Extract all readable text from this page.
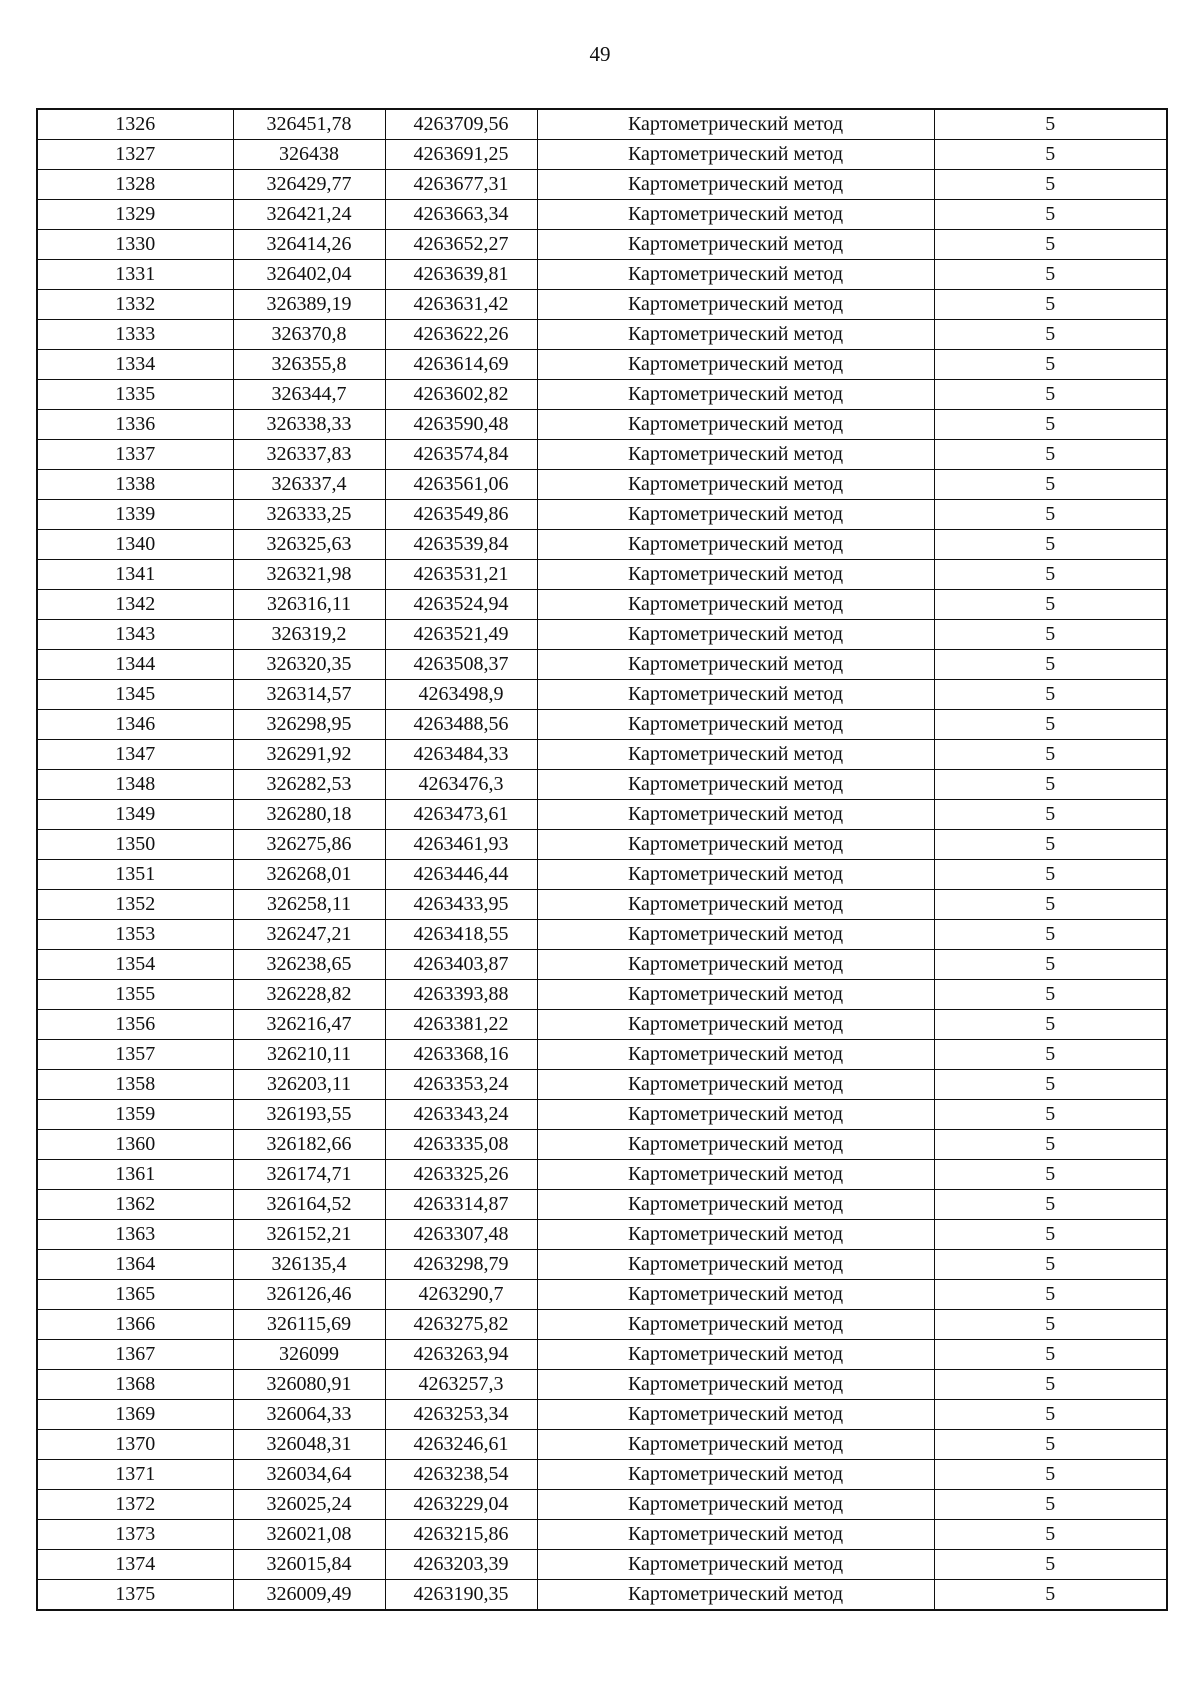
49
1326	326451,78	4263709,56	Картометрический метод	5
1327	326438	4263691,25	Картометрический метод	5
1328	326429,77	4263677,31	Картометрический метод	5
1329	326421,24	4263663,34	Картометрический метод	5
1330	326414,26	4263652,27	Картометрический метод	5
1331	326402,04	4263639,81	Картометрический метод	5
1332	326389,19	4263631,42	Картометрический метод	5
1333	326370,8	4263622,26	Картометрический метод	5
1334	326355,8	4263614,69	Картометрический метод	5
1335	326344,7	4263602,82	Картометрический метод	5
1336	326338,33	4263590,48	Картометрический метод	5
1337	326337,83	4263574,84	Картометрический метод	5
1338	326337,4	4263561,06	Картометрический метод	5
1339	326333,25	4263549,86	Картометрический метод	5
1340	326325,63	4263539,84	Картометрический метод	5
1341	326321,98	4263531,21	Картометрический метод	5
1342	326316,11	4263524,94	Картометрический метод	5
1343	326319,2	4263521,49	Картометрический метод	5
1344	326320,35	4263508,37	Картометрический метод	5
1345	326314,57	4263498,9	Картометрический метод	5
1346	326298,95	4263488,56	Картометрический метод	5
1347	326291,92	4263484,33	Картометрический метод	5
1348	326282,53	4263476,3	Картометрический метод	5
1349	326280,18	4263473,61	Картометрический метод	5
1350	326275,86	4263461,93	Картометрический метод	5
1351	326268,01	4263446,44	Картометрический метод	5
1352	326258,11	4263433,95	Картометрический метод	5
1353	326247,21	4263418,55	Картометрический метод	5
1354	326238,65	4263403,87	Картометрический метод	5
1355	326228,82	4263393,88	Картометрический метод	5
1356	326216,47	4263381,22	Картометрический метод	5
1357	326210,11	4263368,16	Картометрический метод	5
1358	326203,11	4263353,24	Картометрический метод	5
1359	326193,55	4263343,24	Картометрический метод	5
1360	326182,66	4263335,08	Картометрический метод	5
1361	326174,71	4263325,26	Картометрический метод	5
1362	326164,52	4263314,87	Картометрический метод	5
1363	326152,21	4263307,48	Картометрический метод	5
1364	326135,4	4263298,79	Картометрический метод	5
1365	326126,46	4263290,7	Картометрический метод	5
1366	326115,69	4263275,82	Картометрический метод	5
1367	326099	4263263,94	Картометрический метод	5
1368	326080,91	4263257,3	Картометрический метод	5
1369	326064,33	4263253,34	Картометрический метод	5
1370	326048,31	4263246,61	Картометрический метод	5
1371	326034,64	4263238,54	Картометрический метод	5
1372	326025,24	4263229,04	Картометрический метод	5
1373	326021,08	4263215,86	Картометрический метод	5
1374	326015,84	4263203,39	Картометрический метод	5
1375	326009,49	4263190,35	Картометрический метод	5
